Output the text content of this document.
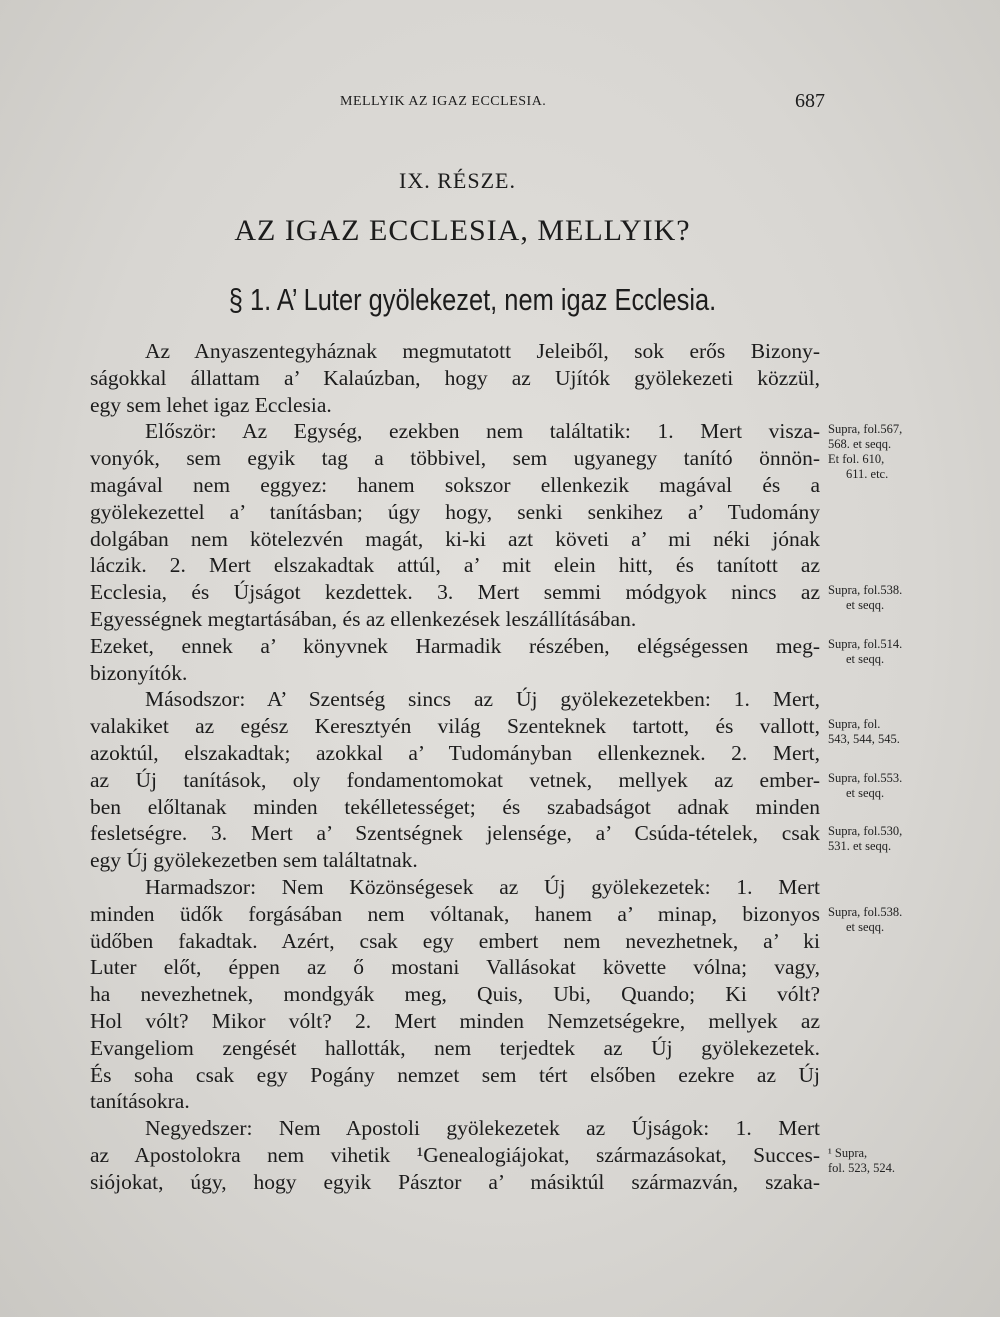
MELLYIK AZ IGAZ ECCLESIA.	687
IX. RÉSZE.
AZ IGAZ ECCLESIA, MELLYIK?
§ 1. A’ Luter gyölekezet, nem igaz Ecclesia.
Az Anyaszentegyháznak megmutatott Jeleiből, sok erős Bizony-
ságokkal állattam a’ Kalaúzban, hogy az Ujítók gyölekezeti közzül,
egy sem lehet igaz Ecclesia.
Először: Az Egység, ezekben nem találtatik: 1. Mert visza-
vonyók, sem egyik tag a többivel, sem ugyanegy tanító önnön-
magával nem eggyez: hanem sokszor ellenkezik magával és a
gyölekezettel a’ tanításban; úgy hogy, senki senkihez a’ Tudomány
dolgában nem kötelezvén magát, ki-ki azt követi a’ mi néki jónak
láczik. 2. Mert elszakadtak attúl, a’ mit elein hitt, és tanított az
Ecclesia, és Újságot kezdettek. 3. Mert semmi módgyok nincs az
Egyességnek megtartásában, és az ellenkezések leszállításában.
Ezeket, ennek a’ könyvnek Harmadik részében, elégségessen meg-
bizonyítók.
Másodszor: A’ Szentség sincs az Új gyölekezetekben: 1. Mert,
valakiket az egész Keresztyén világ Szenteknek tartott, és vallott,
azoktúl, elszakadtak; azokkal a’ Tudományban ellenkeznek. 2. Mert,
az Új tanítások, oly fondamentomokat vetnek, mellyek az ember-
ben előltanak minden tekélletességet; és szabadságot adnak minden
fesletségre. 3. Mert a’ Szentségnek jelensége, a’ Csúda-tételek, csak
egy Új gyölekezetben sem találtatnak.
Harmadszor: Nem Közönségesek az Új gyölekezetek: 1. Mert
minden üdők forgásában nem vóltanak, hanem a’ minap, bizonyos
üdőben fakadtak. Azért, csak egy embert nem nevezhetnek, a’ ki
Luter előt, éppen az ő mostani Vallásokat követte vólna; vagy,
ha nevezhetnek, mondgyák meg, Quis, Ubi, Quando; Ki vólt?
Hol vólt? Mikor vólt? 2. Mert minden Nemzetségekre, mellyek az
Evangeliom zengését hallották, nem terjedtek az Új gyölekezetek.
És soha csak egy Pogány nemzet sem tért elsőben ezekre az Új
tanításokra.
Negyedszer: Nem Apostoli gyölekezetek az Újságok: 1. Mert
az Apostolokra nem vihetik ¹Genealogiájokat, származásokat, Succes-
siójokat, úgy, hogy egyik Pásztor a’ másiktúl származván, szaka-
Supra, fol.567,
568. et seqq.
Et fol. 610,
611. etc.
Supra, fol.538.
et seqq.
Supra, fol.514.
et seqq.
Supra, fol.
543, 544, 545.
Supra, fol.553.
et seqq.
Supra, fol.530,
531. et seqq.
Supra, fol.538.
et seqq.
¹ Supra,
fol. 523, 524.
